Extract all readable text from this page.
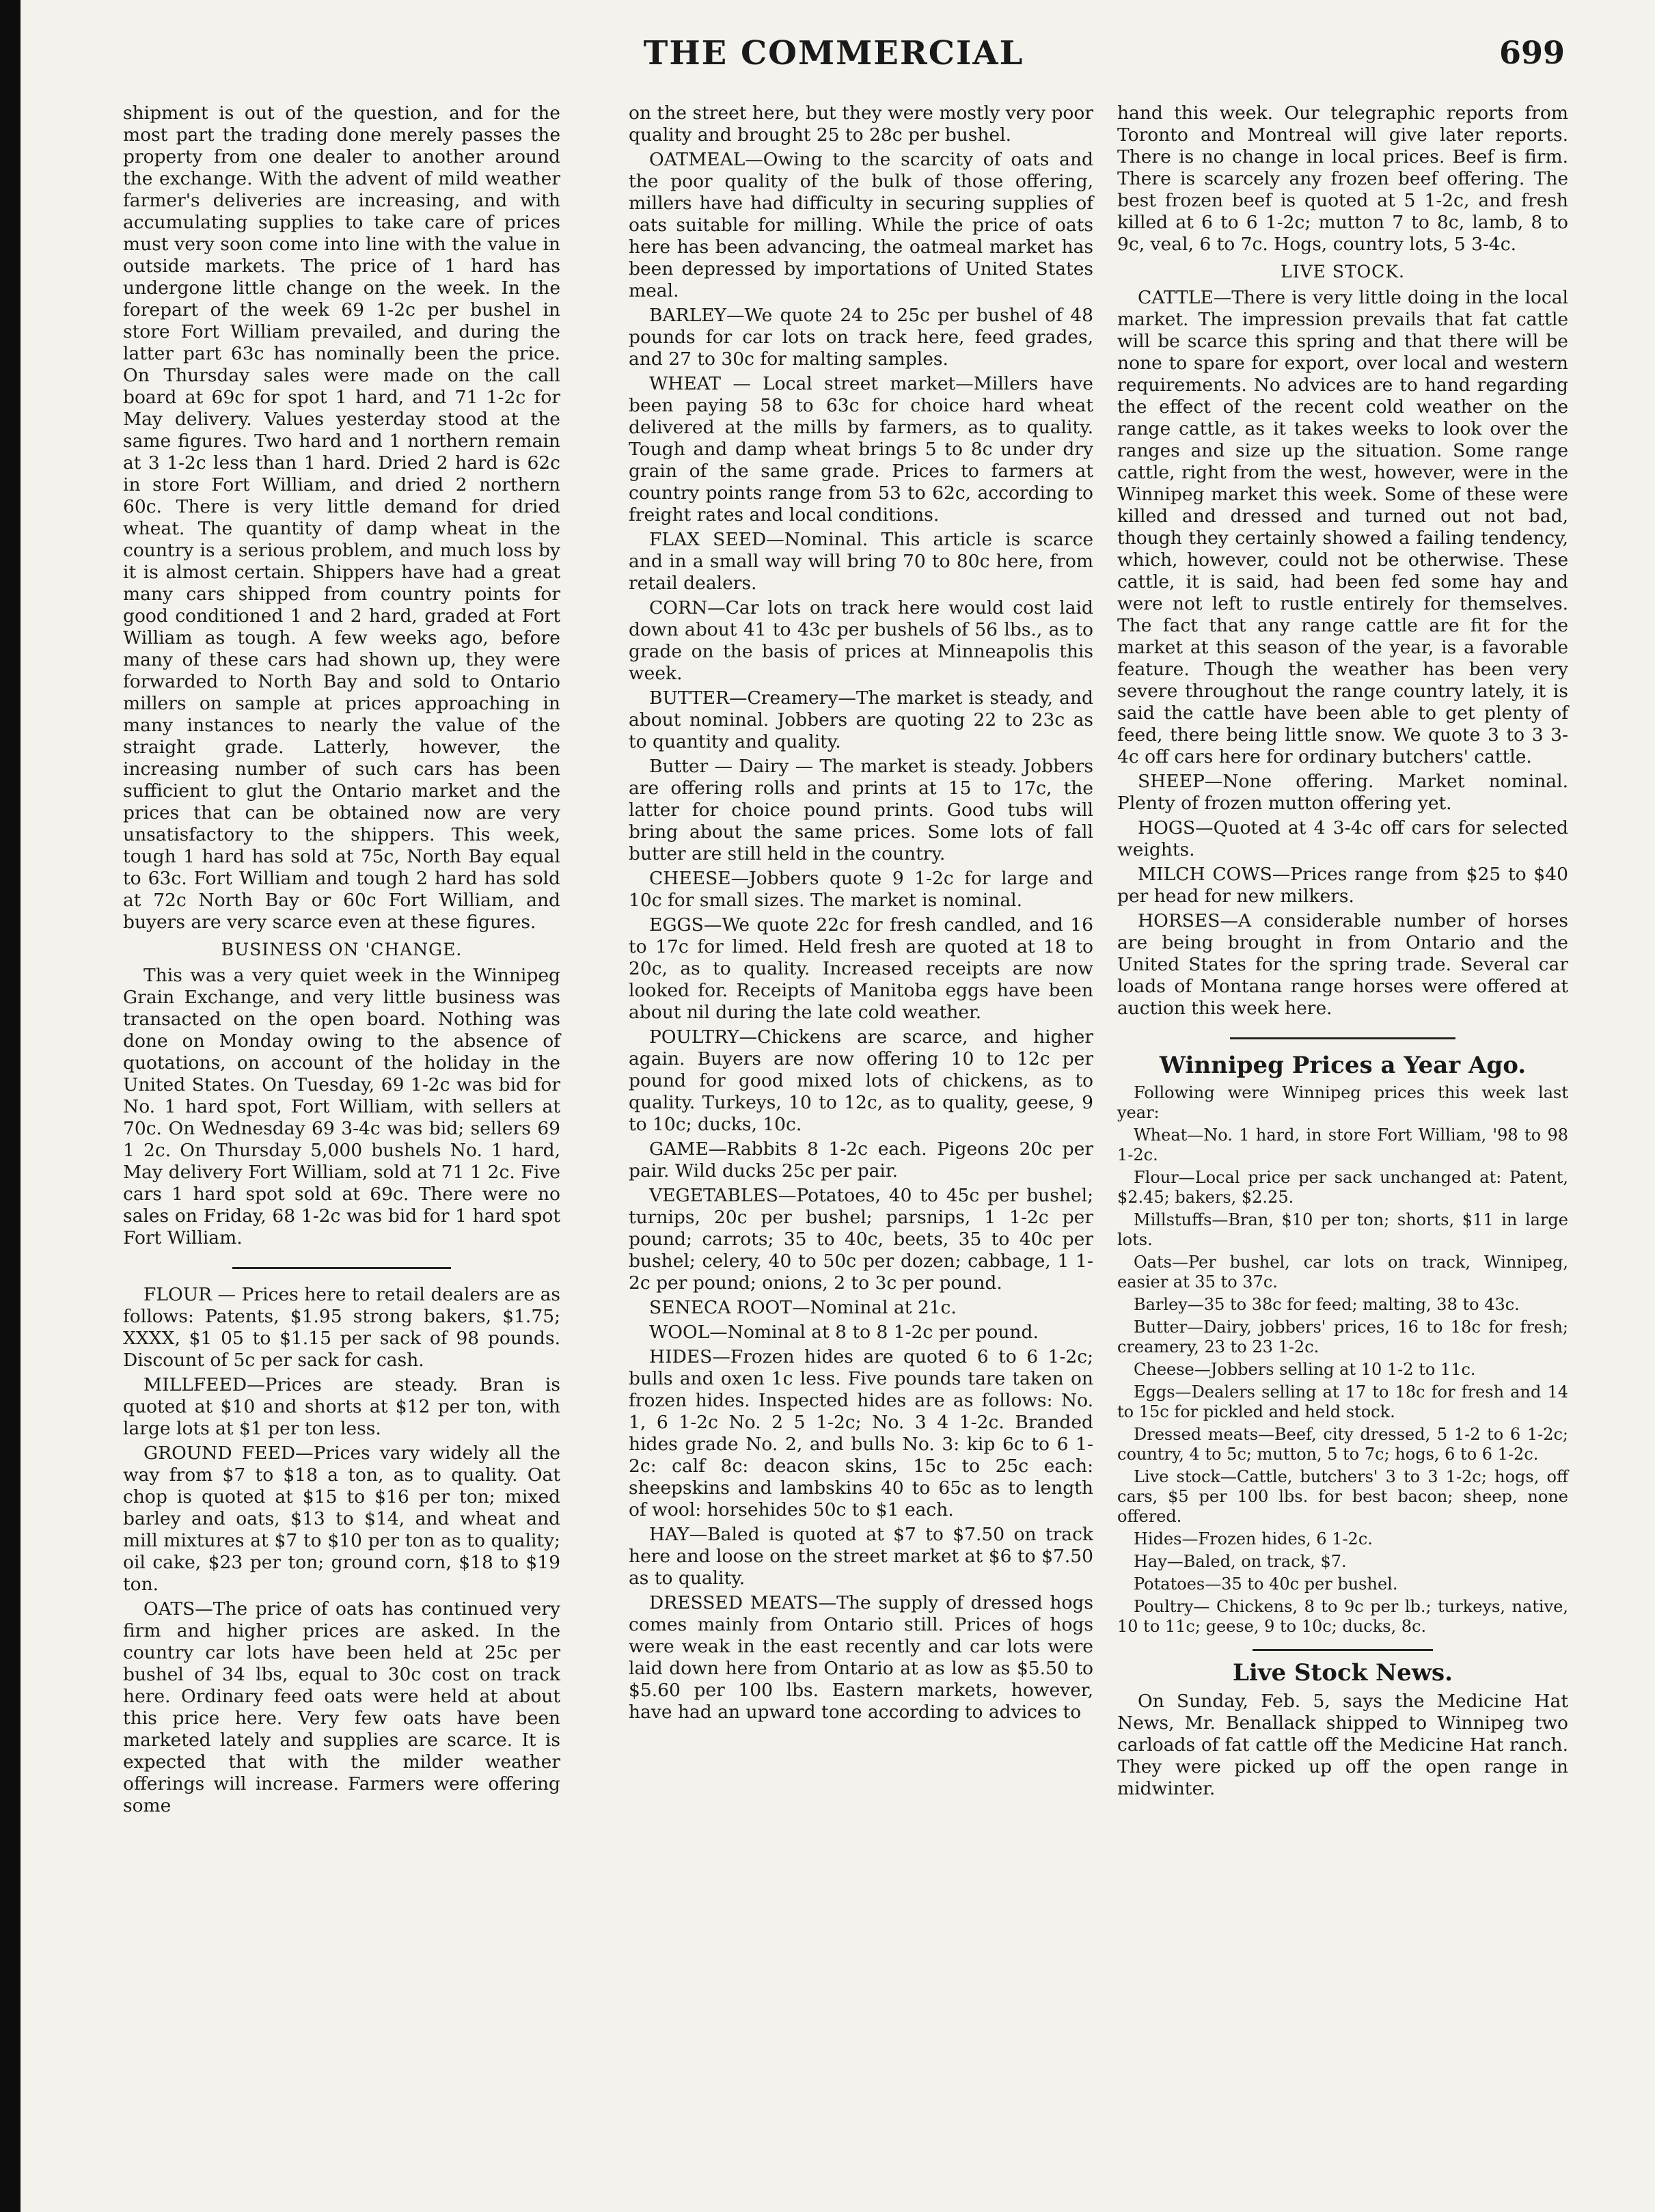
THE COMMERCIAL	699

shipment is out of the question, and for the most part the trading done merely passes the property from one dealer to another around the exchange. With the advent of mild weather farmer's deliveries are increasing, and with accumulating supplies to take care of prices must very soon come into line with the value in outside markets. The price of 1 hard has undergone little change on the week. In the forepart of the week 69 1-2c per bushel in store Fort William prevailed, and during the latter part 63c has nominally been the price. On Thursday sales were made on the call board at 69c for spot 1 hard, and 71 1-2c for May delivery. Values yesterday stood at the same figures. Two hard and 1 northern remain at 3 1-2c less than 1 hard. Dried 2 hard is 62c in store Fort William, and dried 2 northern 60c. There is very little demand for dried wheat. The quantity of damp wheat in the country is a serious problem, and much loss by it is almost certain. Shippers have had a great many cars shipped from country points for good conditioned 1 and 2 hard, graded at Fort William as tough. A few weeks ago, before many of these cars had shown up, they were forwarded to North Bay and sold to Ontario millers on sample at prices approaching in many instances to nearly the value of the straight grade. Latterly, however, the increasing number of such cars has been sufficient to glut the Ontario market and the prices that can be obtained now are very unsatisfactory to the shippers. This week, tough 1 hard has sold at 75c, North Bay equal to 63c. Fort William and tough 2 hard has sold at 72c North Bay or 60c Fort William, and buyers are very scarce even at these figures.

BUSINESS ON 'CHANGE.

This was a very quiet week in the Winnipeg Grain Exchange, and very little business was transacted on the open board. Nothing was done on Monday owing to the absence of quotations, on account of the holiday in the United States. On Tuesday, 69 1-2c was bid for No. 1 hard spot, Fort William, with sellers at 70c. On Wednesday 69 3-4c was bid; sellers 69 1 2c. On Thursday 5,000 bushels No. 1 hard, May delivery Fort William, sold at 71 1 2c. Five cars 1 hard spot sold at 69c. There were no sales on Friday, 68 1-2c was bid for 1 hard spot Fort William.

FLOUR — Prices here to retail dealers are as follows: Patents, $1.95 strong bakers, $1.75; XXXX, $1 05 to $1.15 per sack of 98 pounds. Discount of 5c per sack for cash.

MILLFEED—Prices are steady. Bran is quoted at $10 and shorts at $12 per ton, with large lots at $1 per ton less.

GROUND FEED—Prices vary widely all the way from $7 to $18 a ton, as to quality. Oat chop is quoted at $15 to $16 per ton; mixed barley and oats, $13 to $14, and wheat and mill mixtures at $7 to $10 per ton as to quality; oil cake, $23 per ton; ground corn, $18 to $19 ton.

OATS—The price of oats has continued very firm and higher prices are asked. In the country car lots have been held at 25c per bushel of 34 lbs, equal to 30c cost on track here. Ordinary feed oats were held at about this price here. Very few oats have been marketed lately and supplies are scarce. It is expected that with the milder weather offerings will increase. Farmers were offering some

on the street here, but they were mostly very poor quality and brought 25 to 28c per bushel.

OATMEAL—Owing to the scarcity of oats and the poor quality of the bulk of those offering, millers have had difficulty in securing supplies of oats suitable for milling. While the price of oats here has been advancing, the oatmeal market has been depressed by importations of United States meal.

BARLEY—We quote 24 to 25c per bushel of 48 pounds for car lots on track here, feed grades, and 27 to 30c for malting samples.

WHEAT — Local street market—Millers have been paying 58 to 63c for choice hard wheat delivered at the mills by farmers, as to quality. Tough and damp wheat brings 5 to 8c under dry grain of the same grade. Prices to farmers at country points range from 53 to 62c, according to freight rates and local conditions.

FLAX SEED—Nominal. This article is scarce and in a small way will bring 70 to 80c here, from retail dealers.

CORN—Car lots on track here would cost laid down about 41 to 43c per bushels of 56 lbs., as to grade on the basis of prices at Minneapolis this week.

BUTTER—Creamery—The market is steady, and about nominal. Jobbers are quoting 22 to 23c as to quantity and quality.

Butter — Dairy — The market is steady. Jobbers are offering rolls and prints at 15 to 17c, the latter for choice pound prints. Good tubs will bring about the same prices. Some lots of fall butter are still held in the country.

CHEESE—Jobbers quote 9 1-2c for large and 10c for small sizes. The market is nominal.

EGGS—We quote 22c for fresh candled, and 16 to 17c for limed. Held fresh are quoted at 18 to 20c, as to quality. Increased receipts are now looked for. Receipts of Manitoba eggs have been about nil during the late cold weather.

POULTRY—Chickens are scarce, and higher again. Buyers are now offering 10 to 12c per pound for good mixed lots of chickens, as to quality. Turkeys, 10 to 12c, as to quality, geese, 9 to 10c; ducks, 10c.

GAME—Rabbits 8 1-2c each. Pigeons 20c per pair. Wild ducks 25c per pair.

VEGETABLES—Potatoes, 40 to 45c per bushel; turnips, 20c per bushel; parsnips, 1 1-2c per pound; carrots; 35 to 40c, beets, 35 to 40c per bushel; celery, 40 to 50c per dozen; cabbage, 1 1-2c per pound; onions, 2 to 3c per pound.

SENECA ROOT—Nominal at 21c.

WOOL—Nominal at 8 to 8 1-2c per pound.

HIDES—Frozen hides are quoted 6 to 6 1-2c; bulls and oxen 1c less. Five pounds tare taken on frozen hides. Inspected hides are as follows: No. 1, 6 1-2c No. 2 5 1-2c; No. 3 4 1-2c. Branded hides grade No. 2, and bulls No. 3: kip 6c to 6 1-2c: calf 8c: deacon skins, 15c to 25c each: sheepskins and lambskins 40 to 65c as to length of wool: horsehides 50c to $1 each.

HAY—Baled is quoted at $7 to $7.50 on track here and loose on the street market at $6 to $7.50 as to quality.

DRESSED MEATS—The supply of dressed hogs comes mainly from Ontario still. Prices of hogs were weak in the east recently and car lots were laid down here from Ontario at as low as $5.50 to $5.60 per 100 lbs. Eastern markets, however, have had an upward tone according to advices to

hand this week. Our telegraphic reports from Toronto and Montreal will give later reports. There is no change in local prices. Beef is firm. There is scarcely any frozen beef offering. The best frozen beef is quoted at 5 1-2c, and fresh killed at 6 to 6 1-2c; mutton 7 to 8c, lamb, 8 to 9c, veal, 6 to 7c. Hogs, country lots, 5 3-4c.

LIVE STOCK.

CATTLE—There is very little doing in the local market. The impression prevails that fat cattle will be scarce this spring and that there will be none to spare for export, over local and western requirements. No advices are to hand regarding the effect of the recent cold weather on the range cattle, as it takes weeks to look over the ranges and size up the situation. Some range cattle, right from the west, however, were in the Winnipeg market this week. Some of these were killed and dressed and turned out not bad, though they certainly showed a failing tendency, which, however, could not be otherwise. These cattle, it is said, had been fed some hay and were not left to rustle entirely for themselves. The fact that any range cattle are fit for the market at this season of the year, is a favorable feature. Though the weather has been very severe throughout the range country lately, it is said the cattle have been able to get plenty of feed, there being little snow. We quote 3 to 3 3-4c off cars here for ordinary butchers' cattle.

SHEEP—None offering. Market nominal. Plenty of frozen mutton offering yet.

HOGS—Quoted at 4 3-4c off cars for selected weights.

MILCH COWS—Prices range from $25 to $40 per head for new milkers.

HORSES—A considerable number of horses are being brought in from Ontario and the United States for the spring trade. Several car loads of Montana range horses were offered at auction this week here.

Winnipeg Prices a Year Ago.

Following were Winnipeg prices this week last year:

Wheat—No. 1 hard, in store Fort William, '98 to 98 1-2c.

Flour—Local price per sack unchanged at: Patent, $2.45; bakers, $2.25.

Millstuffs—Bran, $10 per ton; shorts, $11 in large lots.

Oats—Per bushel, car lots on track, Winnipeg, easier at 35 to 37c.

Barley—35 to 38c for feed; malting, 38 to 43c.

Butter—Dairy, jobbers' prices, 16 to 18c for fresh; creamery, 23 to 23 1-2c.

Cheese—Jobbers selling at 10 1-2 to 11c.

Eggs—Dealers selling at 17 to 18c for fresh and 14 to 15c for pickled and held stock.

Dressed meats—Beef, city dressed, 5 1-2 to 6 1-2c; country, 4 to 5c; mutton, 5 to 7c; hogs, 6 to 6 1-2c.

Live stock—Cattle, butchers' 3 to 3 1-2c; hogs, off cars, $5 per 100 lbs. for best bacon; sheep, none offered.

Hides—Frozen hides, 6 1-2c.

Hay—Baled, on track, $7.

Potatoes—35 to 40c per bushel.

Poultry— Chickens, 8 to 9c per lb.; turkeys, native, 10 to 11c; geese, 9 to 10c; ducks, 8c.

Live Stock News.

On Sunday, Feb. 5, says the Medicine Hat News, Mr. Benallack shipped to Winnipeg two carloads of fat cattle off the Medicine Hat ranch. They were picked up off the open range in midwinter.
